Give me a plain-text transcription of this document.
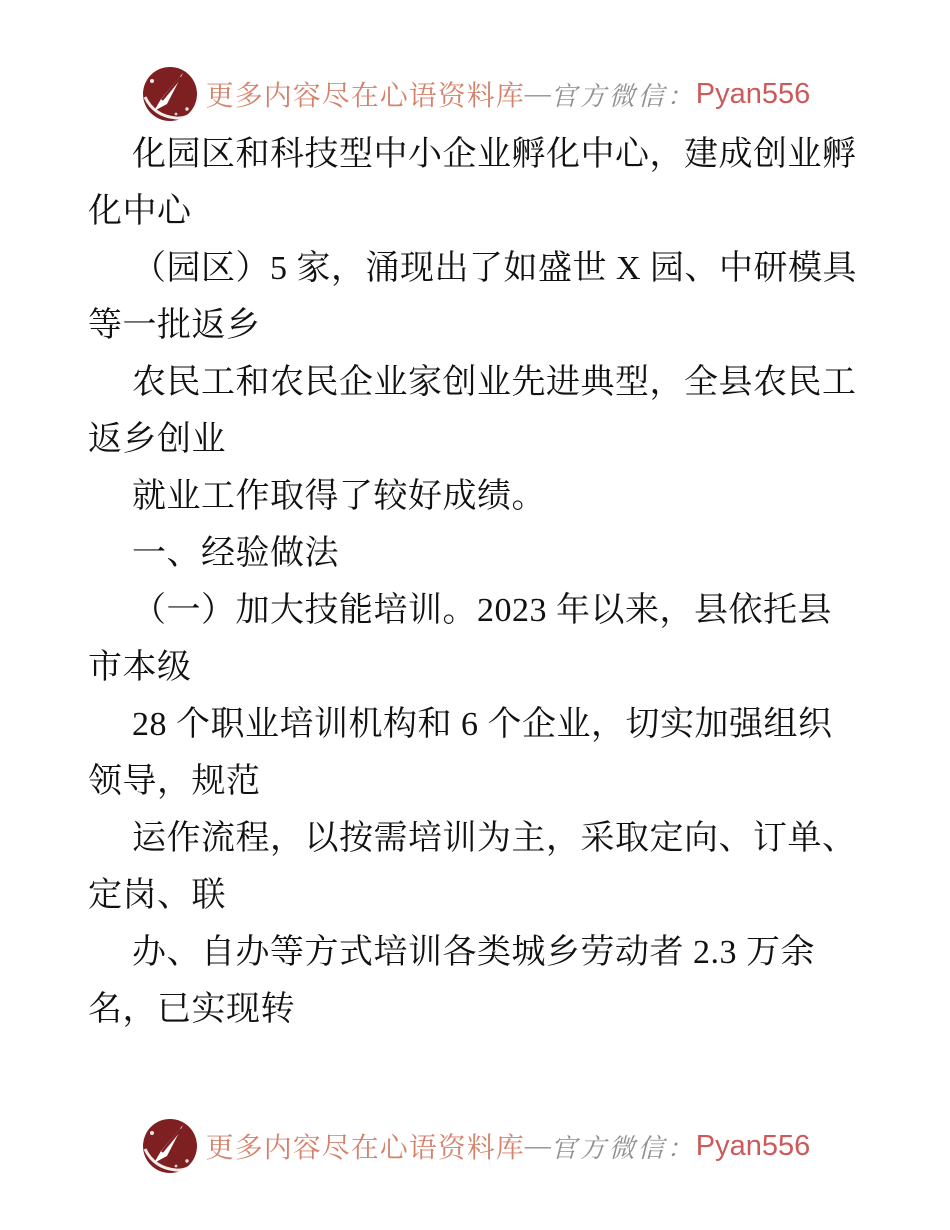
更多内容尽在心语资料库 — 官方微信： Pyan556

化园区和科技型中小企业孵化中心，建成创业孵

化中心

（园区）5 家，涌现出了如盛世 X 园、中研模具

等一批返乡

农民工和农民企业家创业先进典型，全县农民工

返乡创业

就业工作取得了较好成绩。

一、经验做法

（一）加大技能培训。2023 年以来，县依托县

市本级

28 个职业培训机构和 6 个企业，切实加强组织

领导，规范

运作流程，以按需培训为主，采取定向、订单、

定岗、联

办、自办等方式培训各类城乡劳动者 2.3 万余

名，已实现转

更多内容尽在心语资料库 — 官方微信： Pyan556
